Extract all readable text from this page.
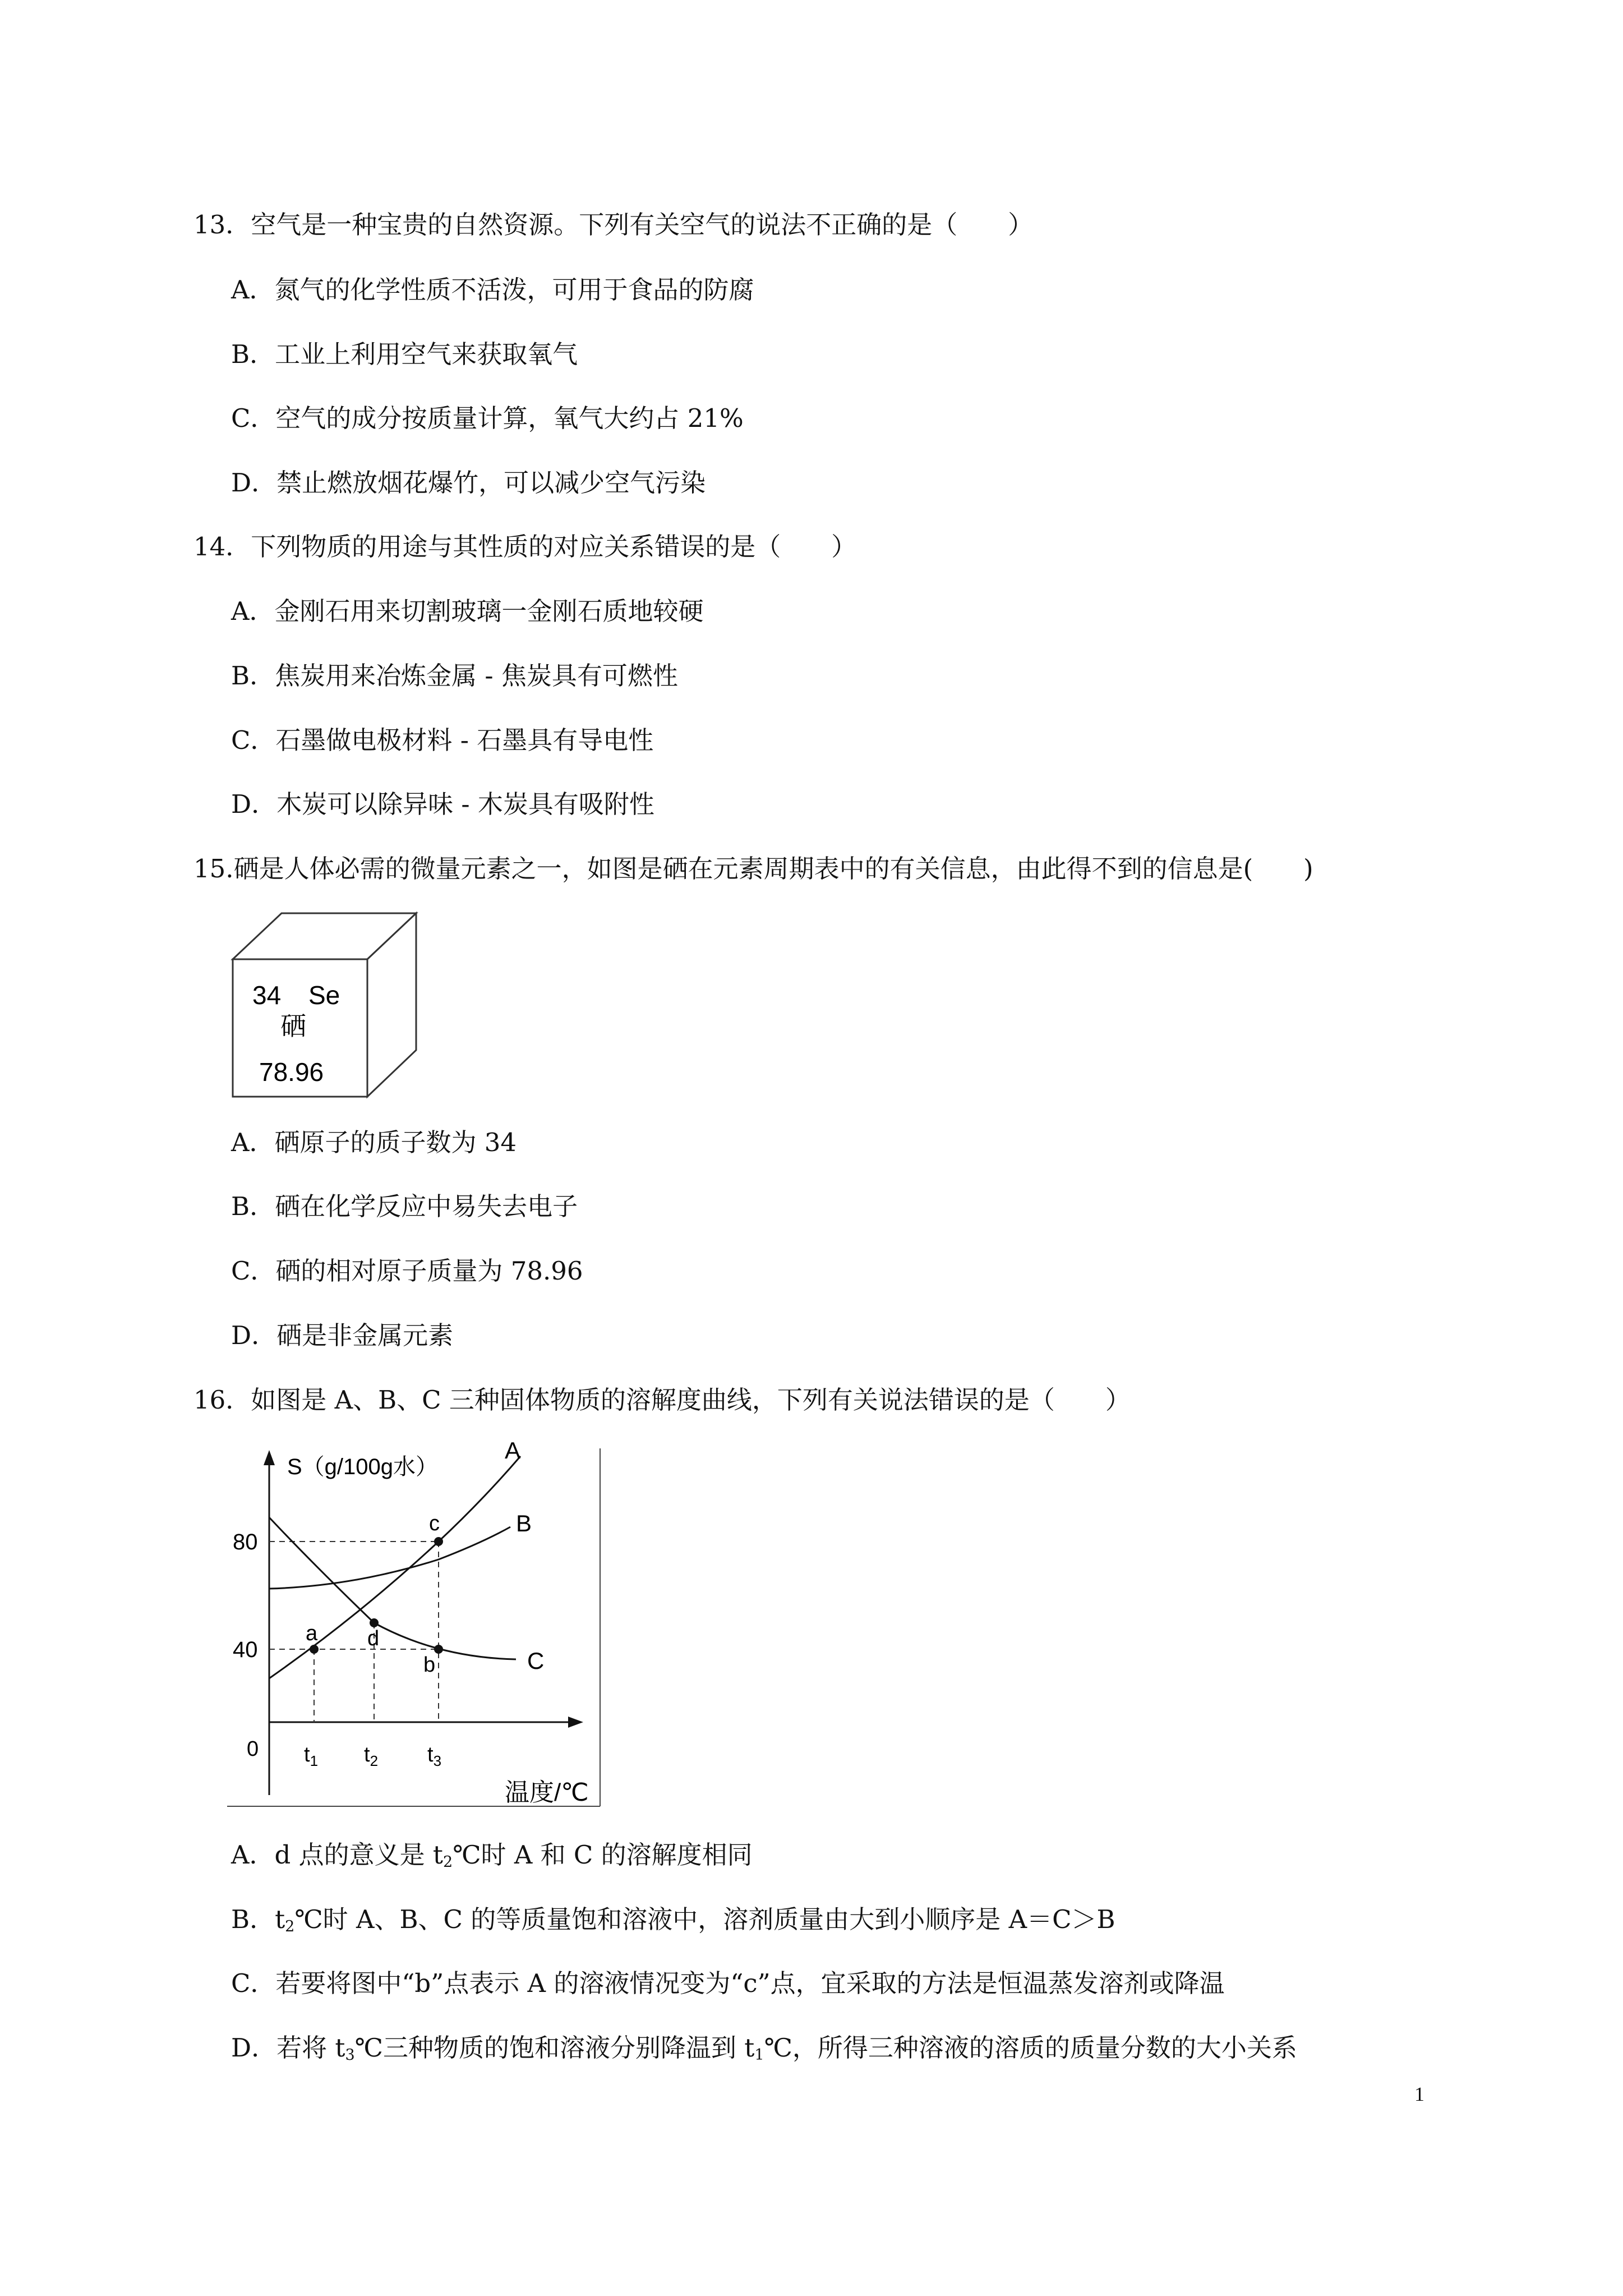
13．空气是一种宝贵的自然资源。下列有关空气的说法不正确的是（　　）
A．氮气的化学性质不活泼，可用于食品的防腐
B．工业上利用空气来获取氧气
C．空气的成分按质量计算，氧气大约占 21%
D．禁止燃放烟花爆竹，可以减少空气污染
14．下列物质的用途与其性质的对应关系错误的是（　　）
A．金刚石用来切割玻璃一金刚石质地较硬
B．焦炭用来冶炼金属 - 焦炭具有可燃性
C．石墨做电极材料 - 石墨具有导电性
D．木炭可以除异味 - 木炭具有吸附性
15.硒是人体必需的微量元素之一，如图是硒在元素周期表中的有关信息，由此得不到的信息是(　　)
34 Se
硒
78.96
A．硒原子的质子数为 34
B．硒在化学反应中易失去电子
C．硒的相对原子质量为 78.96
D．硒是非金属元素
16．如图是 A、B、C 三种固体物质的溶解度曲线，下列有关说法错误的是（　　）
S（g/100g水）
A
B
C
c
d
a
b
80
40
0 $t_1$ $t_2$ $t_3$
温度/℃
A．d 点的意义是 $t_2℃$时 A 和 C 的溶解度相同
B．$t_2℃$时 A、B、C 的等质量饱和溶液中，溶剂质量由大到小顺序是 A＝C＞B
C．若要将图中“b”点表示 A 的溶液情况变为“c”点，宜采取的方法是恒温蒸发溶剂或降温
D．若将 $t_3℃$三种物质的饱和溶液分别降温到 $t_1℃$，所得三种溶液的溶质的质量分数的大小关系
1
